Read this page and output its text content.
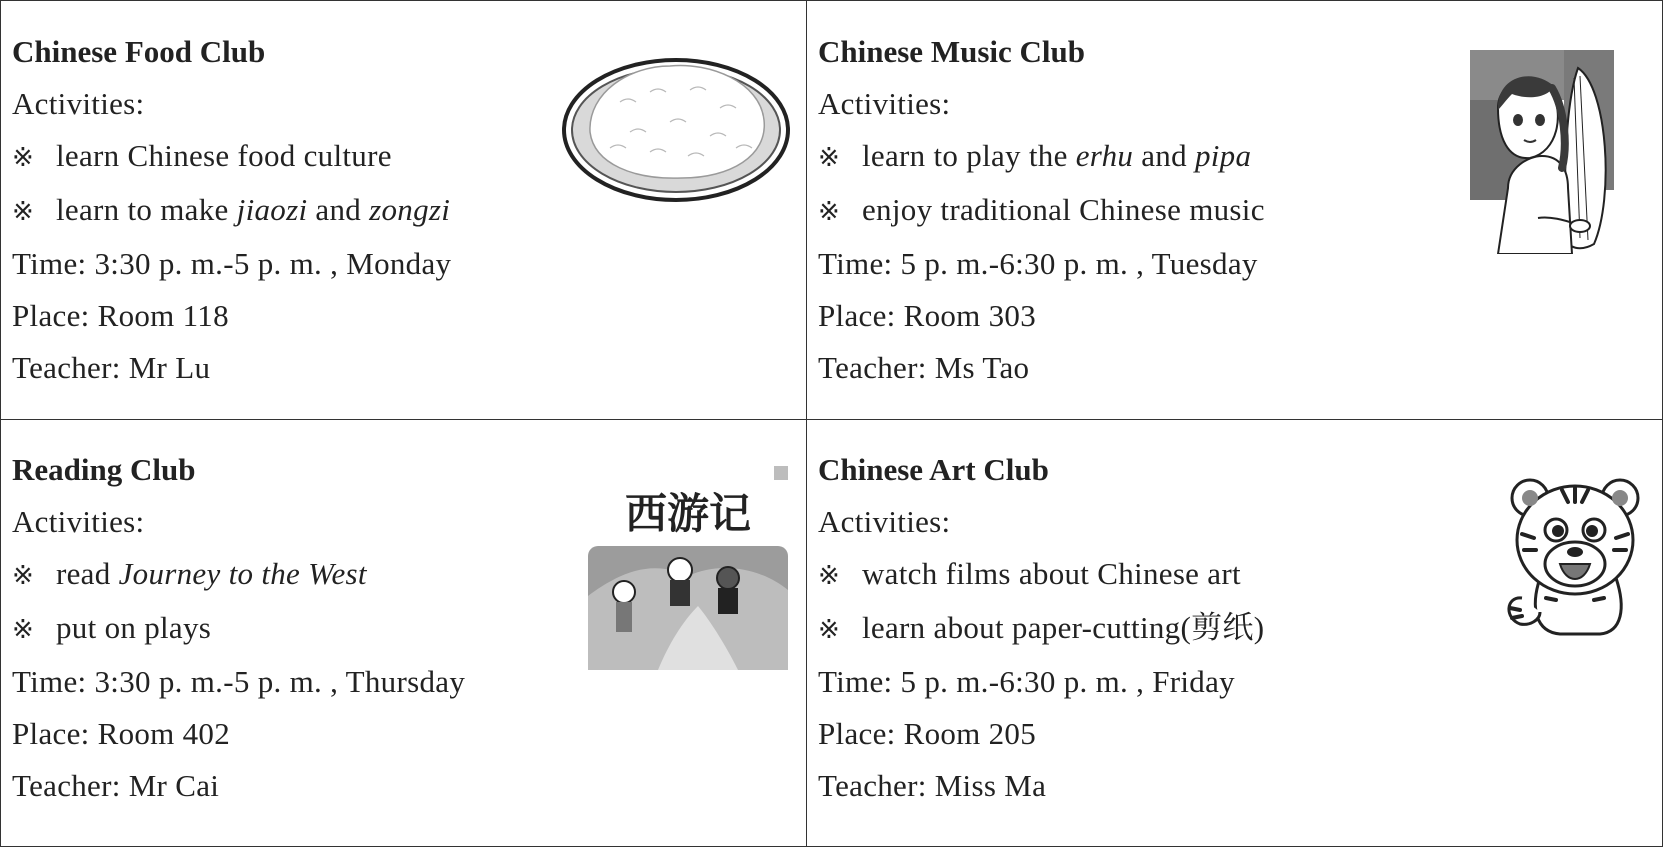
Chinese Food Club
Activities:
※ learn Chinese food culture
※ learn to make jiaozi and zongzi
Time: 3:30 p. m.-5 p. m. , Monday
Place: Room 118
Teacher: Mr Lu
Chinese Music Club
Activities:
※ learn to play the erhu and pipa
※ enjoy traditional Chinese music
Time: 5 p. m.-6:30 p. m. , Tuesday
Place: Room 303
Teacher: Ms Tao
Reading Club
Activities:
※ read Journey to the West
※ put on plays
Time: 3:30 p. m.-5 p. m. , Thursday
Place: Room 402
Teacher: Mr Cai
西游记
Chinese Art Club
Activities:
※ watch films about Chinese art
※ learn about paper-cutting(剪纸)
Time: 5 p. m.-6:30 p. m. , Friday
Place: Room 205
Teacher: Miss Ma
